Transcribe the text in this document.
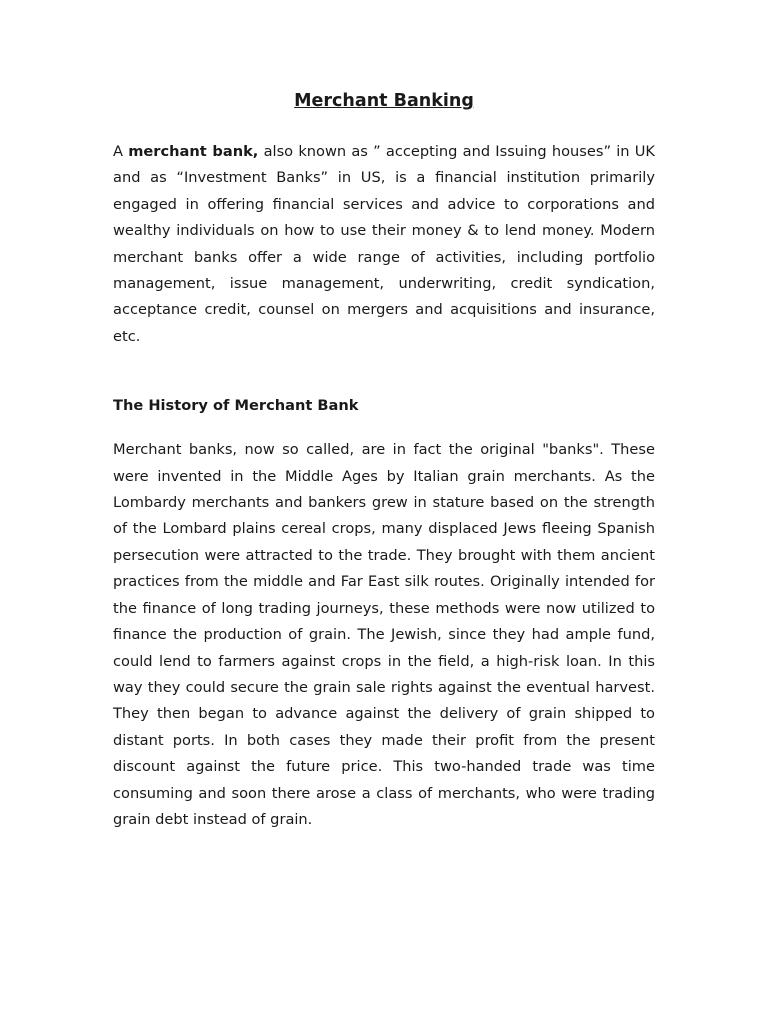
Merchant Banking

A merchant bank, also known as ” accepting and Issuing houses” in UK and as “Investment Banks” in US, is a financial institution primarily engaged in offering financial services and advice to corporations and wealthy individuals on how to use their money & to lend money. Modern merchant banks offer a wide range of activities, including portfolio management, issue management, underwriting, credit syndication, acceptance credit, counsel on mergers and acquisitions and insurance, etc.

The History of Merchant Bank

Merchant banks, now so called, are in fact the original "banks". These were invented in the Middle Ages by Italian grain merchants. As the Lombardy merchants and bankers grew in stature based on the strength of the Lombard plains cereal crops, many displaced Jews fleeing Spanish persecution were attracted to the trade. They brought with them ancient practices from the middle and Far East silk routes. Originally intended for the finance of long trading journeys, these methods were now utilized to finance the production of grain. The Jewish, since they had ample fund, could lend to farmers against crops in the field, a high-risk loan. In this way they could secure the grain sale rights against the eventual harvest. They then began to advance against the delivery of grain shipped to distant ports. In both cases they made their profit from the present discount against the future price. This two-handed trade was time consuming and soon there arose a class of merchants, who were trading grain debt instead of grain.
